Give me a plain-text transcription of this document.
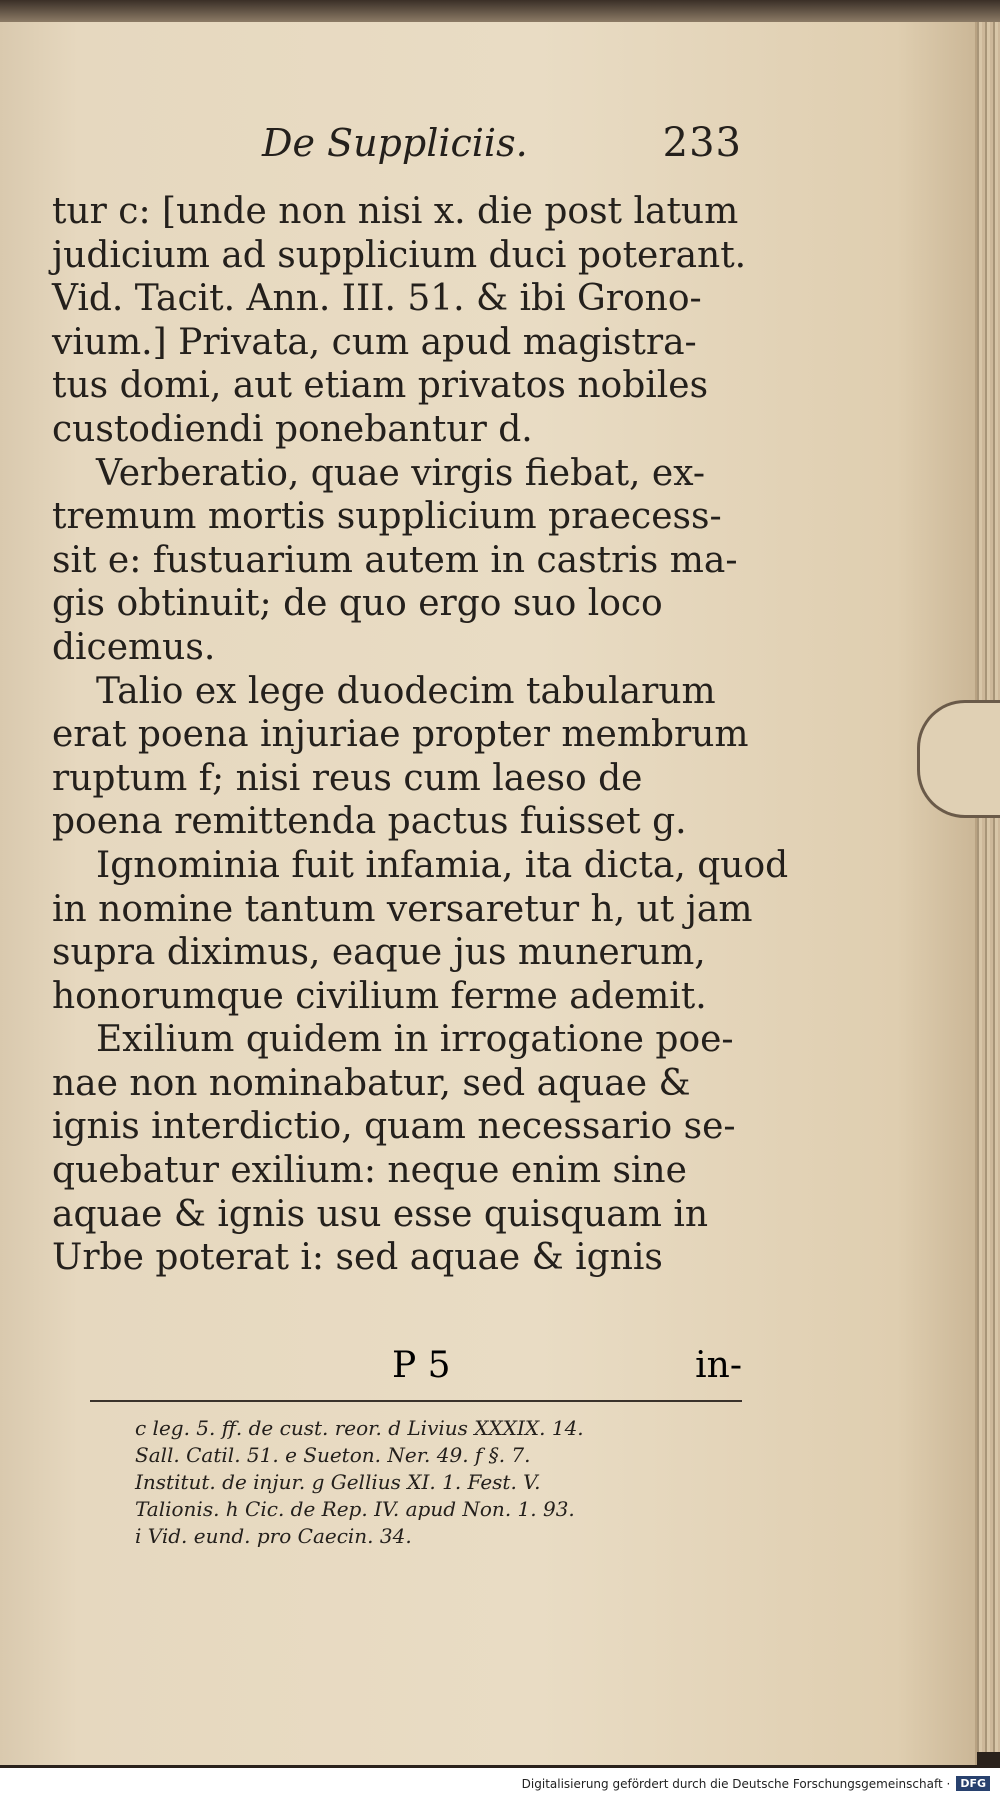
De Suppliciis.	233

tur c: [unde non nisi x. die post latum
judicium ad supplicium duci poterant.
Vid. Tacit. Ann. III. 51. & ibi Grono-
vium.] Privata, cum apud magistra-
tus domi, aut etiam privatos nobiles
custodiendi ponebantur d.
Verberatio, quae virgis fiebat, ex-
tremum mortis supplicium praecess-
sit e: fustuarium autem in castris ma-
gis obtinuit; de quo ergo suo loco
dicemus.
Talio ex lege duodecim tabularum
erat poena injuriae propter membrum
ruptum f; nisi reus cum laeso de
poena remittenda pactus fuisset g.
Ignominia fuit infamia, ita dicta, quod
in nomine tantum versaretur h, ut jam
supra diximus, eaque jus munerum,
honorumque civilium ferme ademit.
Exilium quidem in irrogatione poe-
nae non nominabatur, sed aquae &
ignis interdictio, quam necessario se-
quebatur exilium: neque enim sine
aquae & ignis usu esse quisquam in
Urbe poterat i: sed aquae & ignis

P 5	in-
c leg. 5. ff. de cust. reor. d Livius XXXIX. 14.
Sall. Catil. 51. e Sueton. Ner. 49. f §. 7.
Institut. de injur. g Gellius XI. 1. Fest. V.
Talionis. h Cic. de Rep. IV. apud Non. 1. 93.
i Vid. eund. pro Caecin. 34.
Digitalisierung gefördert durch die Deutsche Forschungsgemeinschaft · DFG
